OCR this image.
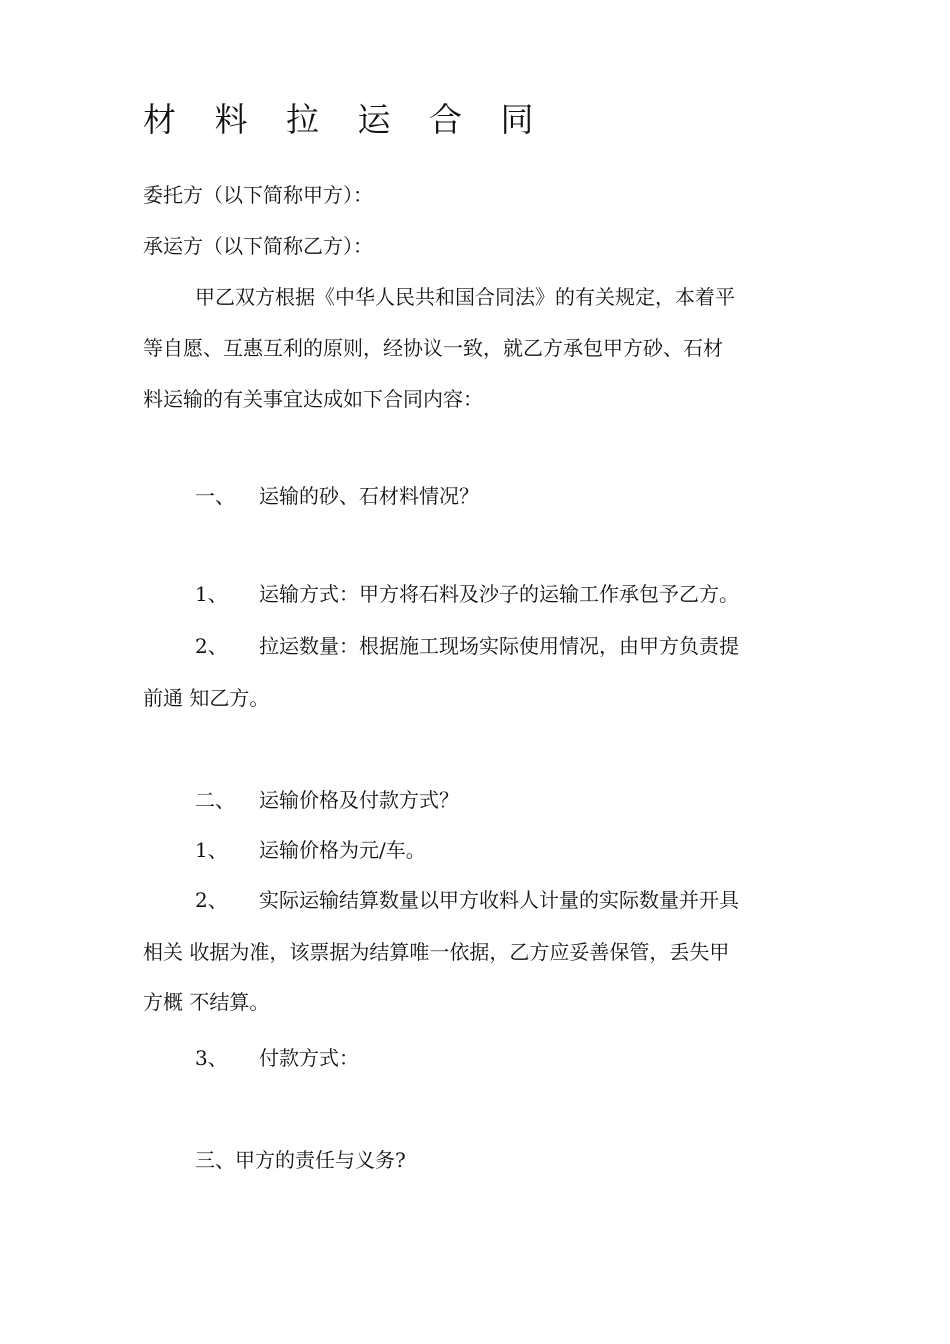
材 料 拉 运 合 同
委托方（以下简称甲方）：
承运方（以下简称乙方）：
甲乙双方根据《中华人民共和国合同法》的有关规定，本着平
等自愿、互惠互利的原则，经协议一致，就乙方承包甲方砂、石材
料运输的有关事宜达成如下合同内容：
一、 运输的砂、石材料情况？
1、 运输方式：甲方将石料及沙子的运输工作承包予乙方。
2、 拉运数量：根据施工现场实际使用情况，由甲方负责提
前通 知乙方。
二、 运输价格及付款方式？
1、 运输价格为元/车。
2、 实际运输结算数量以甲方收料人计量的实际数量并开具
相关 收据为准，该票据为结算唯一依据，乙方应妥善保管，丢失甲
方概 不结算。
3、 付款方式：
三、甲方的责任与义务?
